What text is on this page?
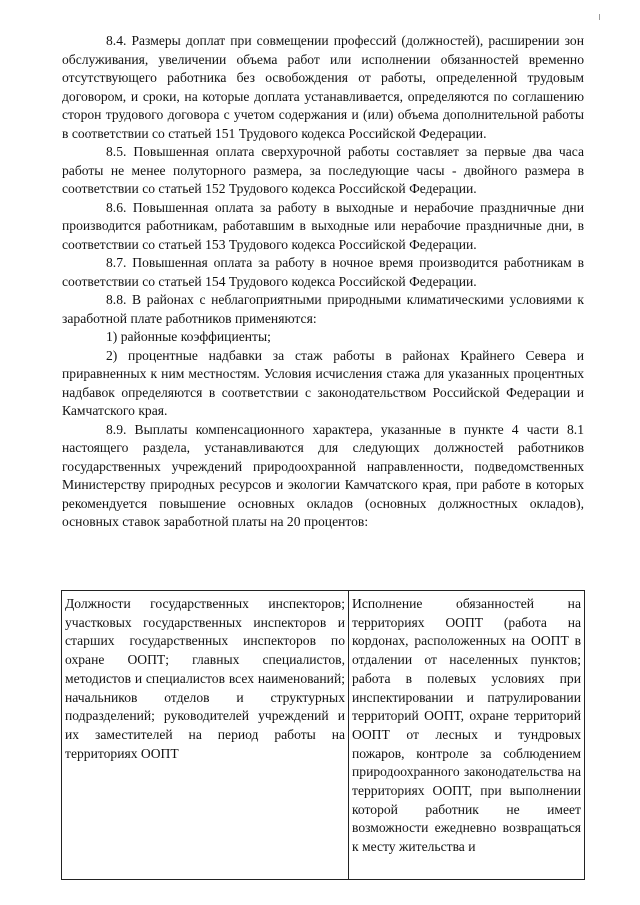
8.4. Размеры доплат при совмещении профессий (должностей), расширении зон обслуживания, увеличении объема работ или исполнении обязанностей временно отсутствующего работника без освобождения от работы, определенной трудовым договором, и сроки, на которые доплата устанавливается, определяются по соглашению сторон трудового договора с учетом содержания и (или) объема дополнительной работы в соответствии со статьей 151 Трудового кодекса Российской Федерации.

8.5. Повышенная оплата сверхурочной работы составляет за первые два часа работы не менее полуторного размера, за последующие часы - двойного размера в соответствии со статьей 152 Трудового кодекса Российской Федерации.

8.6. Повышенная оплата за работу в выходные и нерабочие праздничные дни производится работникам, работавшим в выходные или нерабочие праздничные дни, в соответствии со статьей 153 Трудового кодекса Российской Федерации.

8.7. Повышенная оплата за работу в ночное время производится работникам в соответствии со статьей 154 Трудового кодекса Российской Федерации.

8.8. В районах с неблагоприятными природными климатическими условиями к заработной плате работников применяются:

1) районные коэффициенты;

2) процентные надбавки за стаж работы в районах Крайнего Севера и приравненных к ним местностям. Условия исчисления стажа для указанных процентных надбавок определяются в соответствии с законодательством Российской Федерации и Камчатского края.

8.9. Выплаты компенсационного характера, указанные в пункте 4 части 8.1 настоящего раздела, устанавливаются для следующих должностей работников государственных учреждений природоохранной направленности, подведомственных Министерству природных ресурсов и экологии Камчатского края, при работе в которых рекомендуется повышение основных окладов (основных должностных окладов), основных ставок заработной платы на 20 процентов:

Должности государственных инспекторов; участковых государственных инспекторов и старших государственных инспекторов по охране ООПТ; главных специалистов, методистов и специалистов всех наименований; начальников отделов и структурных подразделений; руководителей учреждений и их заместителей на период работы на территориях ООПТ	Исполнение обязанностей на территориях ООПТ (работа на кордонах, расположенных на ООПТ в отдалении от населенных пунктов; работа в полевых условиях при инспектировании и патрулировании территорий ООПТ, охране территорий ООПТ от лесных и тундровых пожаров, контроле за соблюдением природоохранного законодательства на территориях ООПТ, при выполнении которой работник не имеет возможности ежедневно возвращаться к месту жительства и
